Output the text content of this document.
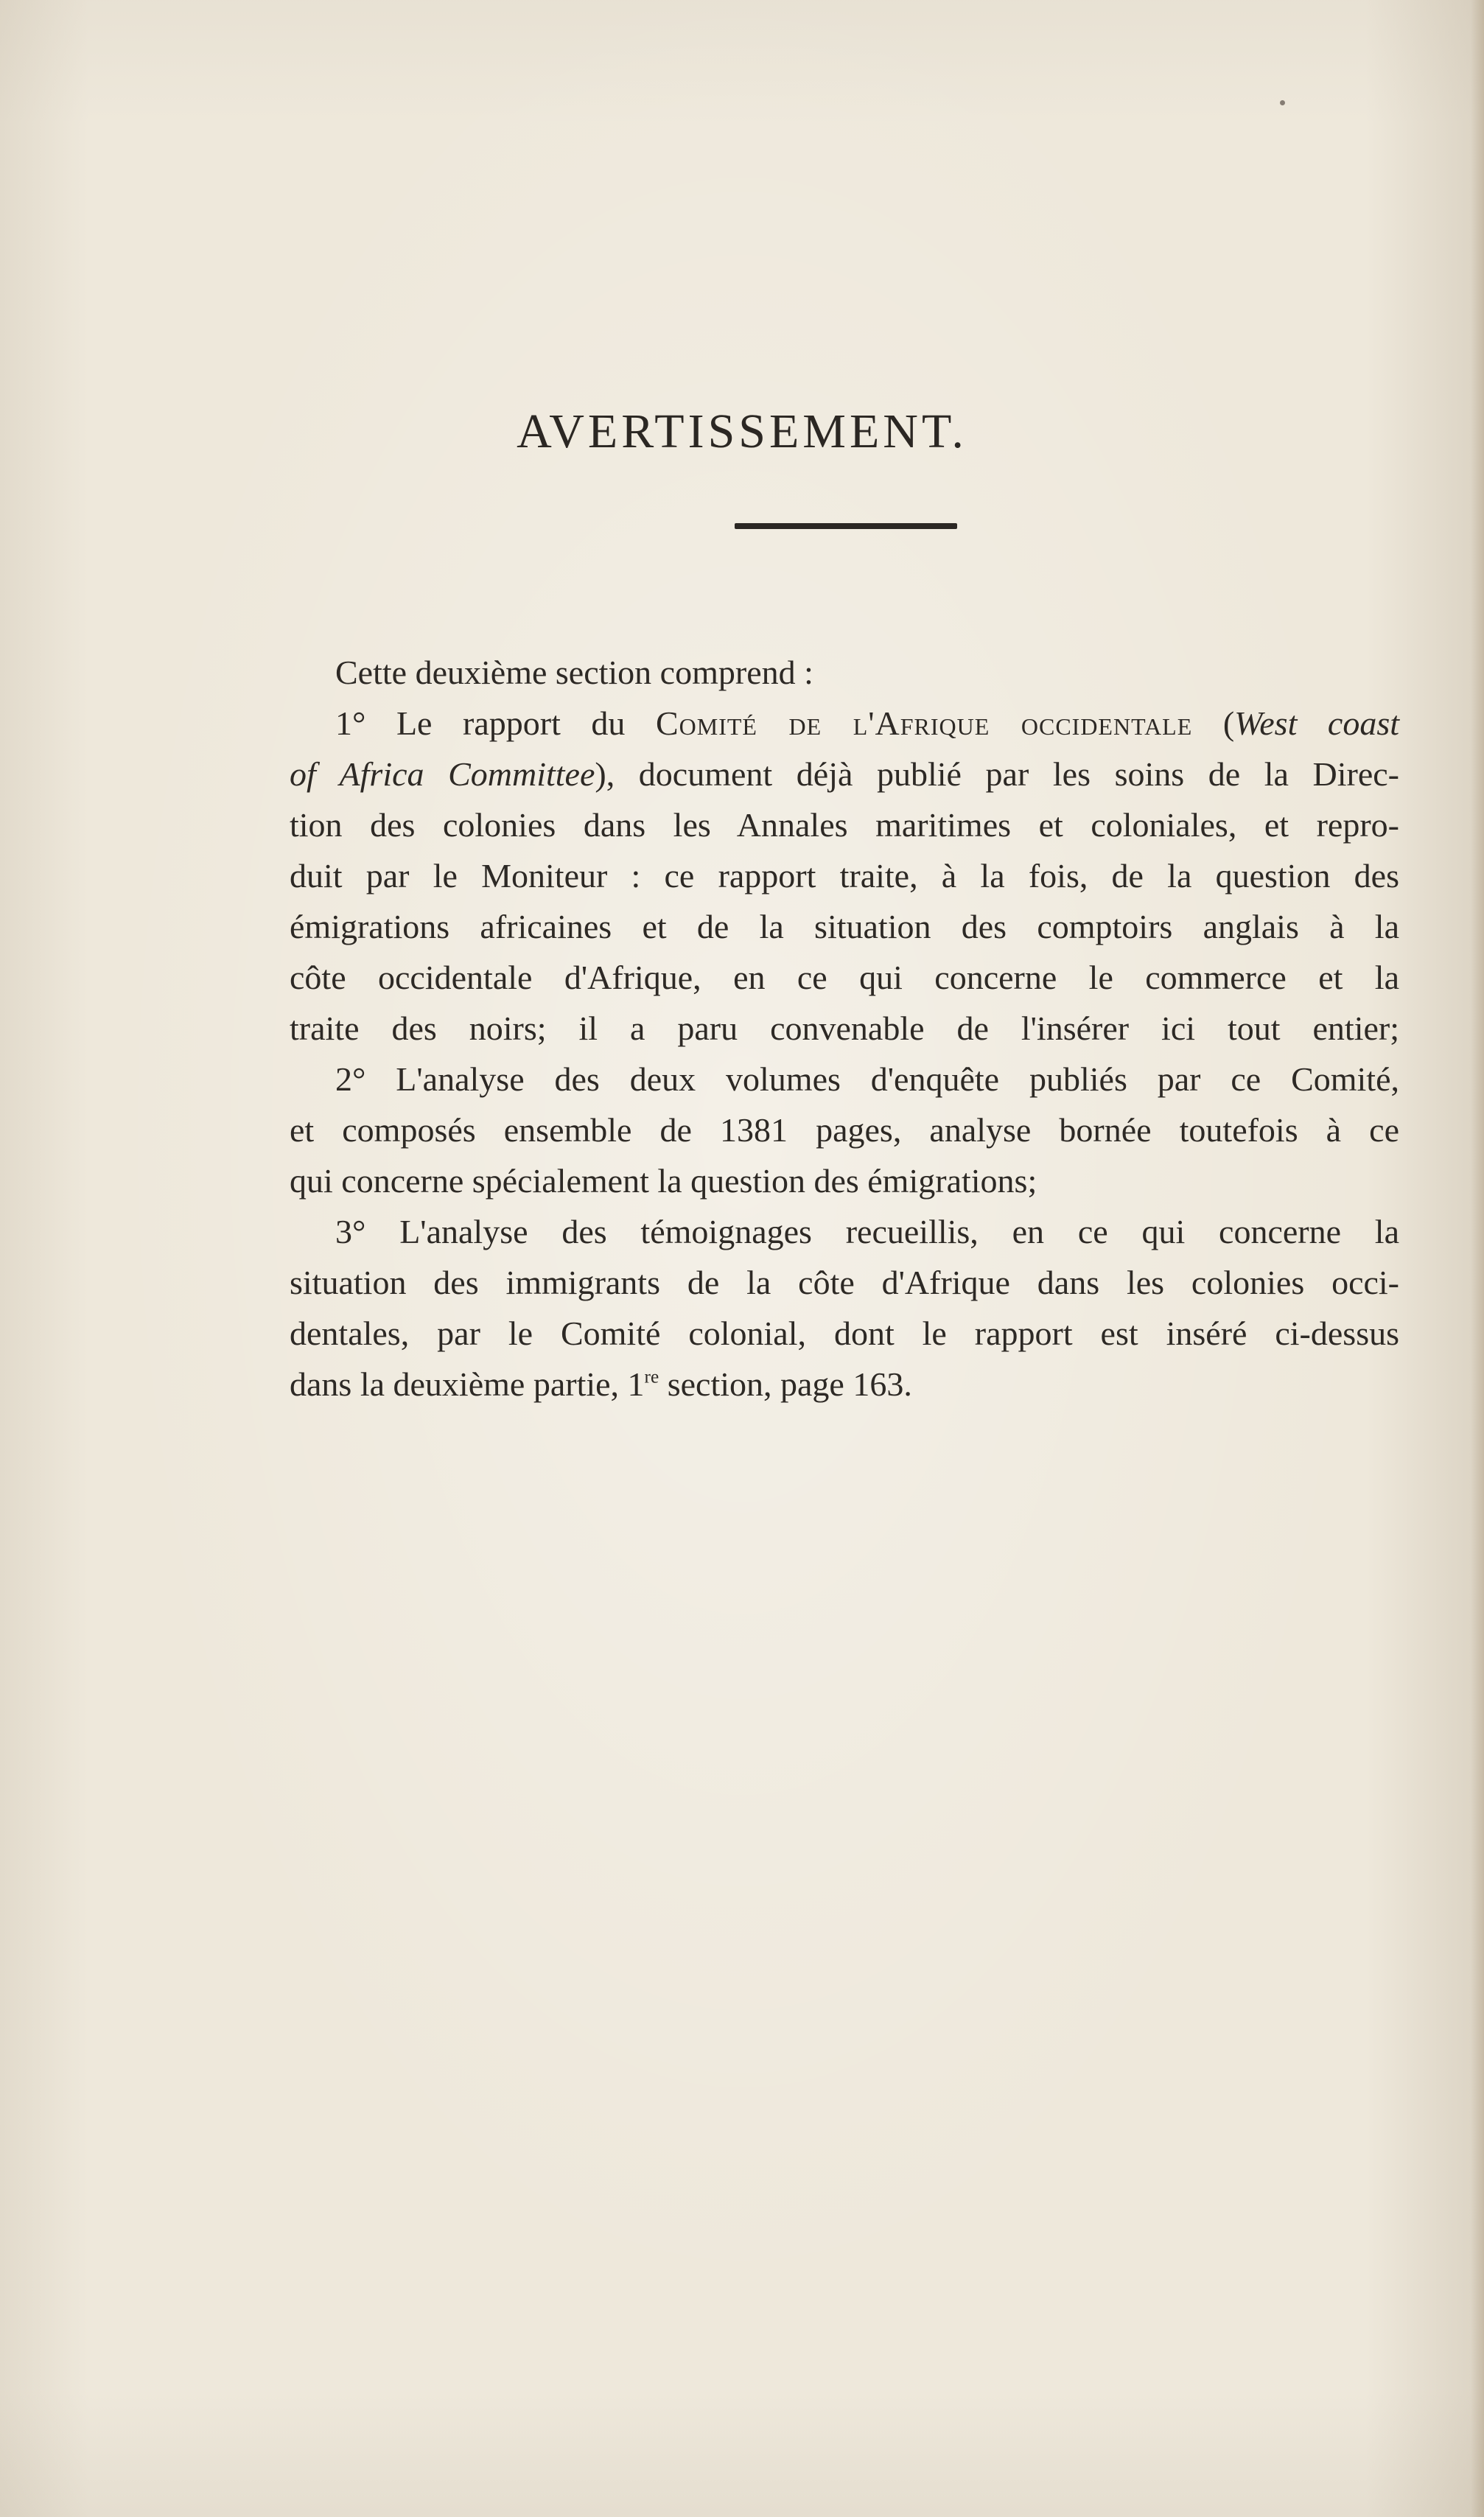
AVERTISSEMENT.
Cette deuxième section comprend :
1° Le rapport du Comité de l'Afrique occidentale (West coast
of Africa Committee), document déjà publié par les soins de la Direc-
tion des colonies dans les Annales maritimes et coloniales, et repro-
duit par le Moniteur : ce rapport traite, à la fois, de la question des
émigrations africaines et de la situation des comptoirs anglais à la
côte occidentale d'Afrique, en ce qui concerne le commerce et la
traite des noirs; il a paru convenable de l'insérer ici tout entier;
2° L'analyse des deux volumes d'enquête publiés par ce Comité,
et composés ensemble de 1381 pages, analyse bornée toutefois à ce
qui concerne spécialement la question des émigrations;
3° L'analyse des témoignages recueillis, en ce qui concerne la
situation des immigrants de la côte d'Afrique dans les colonies occi-
dentales, par le Comité colonial, dont le rapport est inséré ci-dessus
dans la deuxième partie, 1re section, page 163.
